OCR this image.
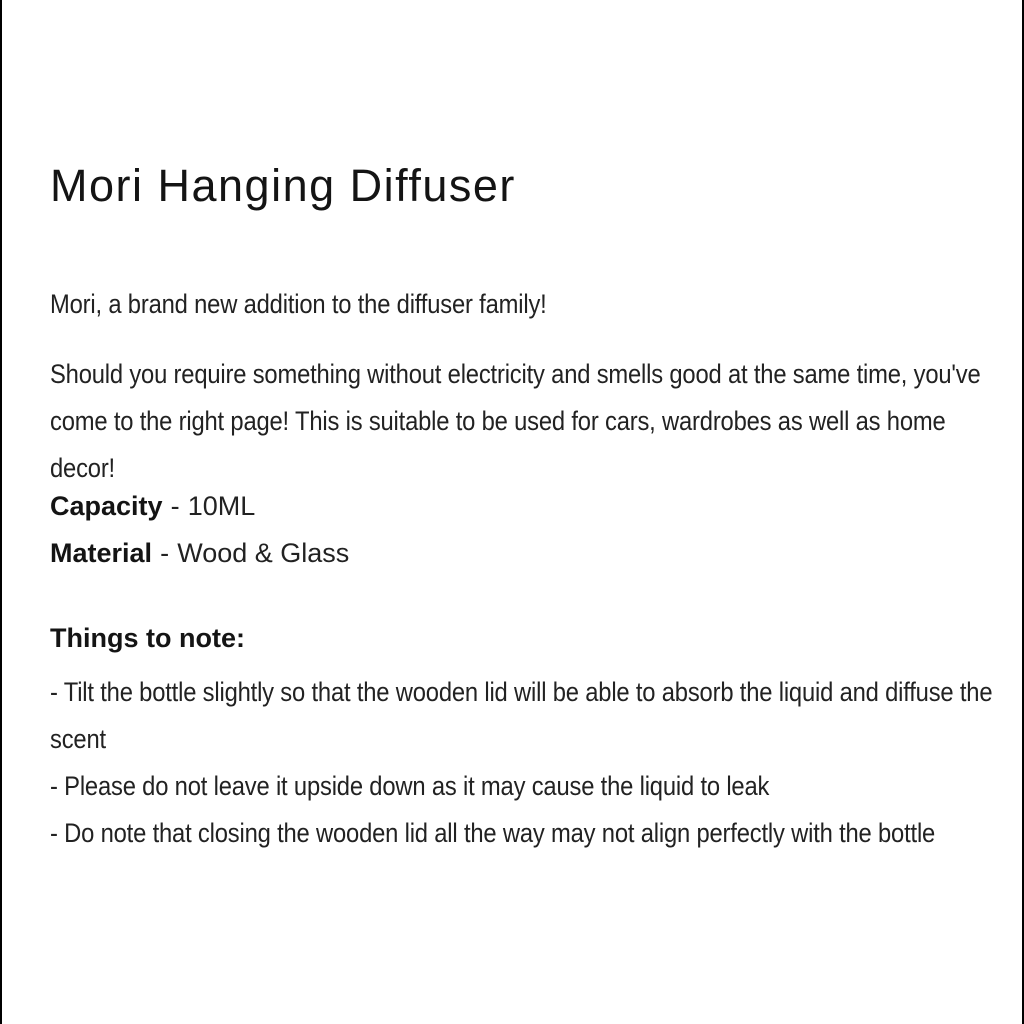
Mori Hanging Diffuser

Mori, a brand new addition to the diffuser family!

Should you require something without electricity and smells good at the same time, you've come to the right page! This is suitable to be used for cars, wardrobes as well as home decor!

Capacity - 10ML
Material - Wood & Glass
Things to note:

- Tilt the bottle slightly so that the wooden lid will be able to absorb the liquid and diffuse the scent

- Please do not leave it upside down as it may cause the liquid to leak

- Do note that closing the wooden lid all the way may not align perfectly with the bottle
